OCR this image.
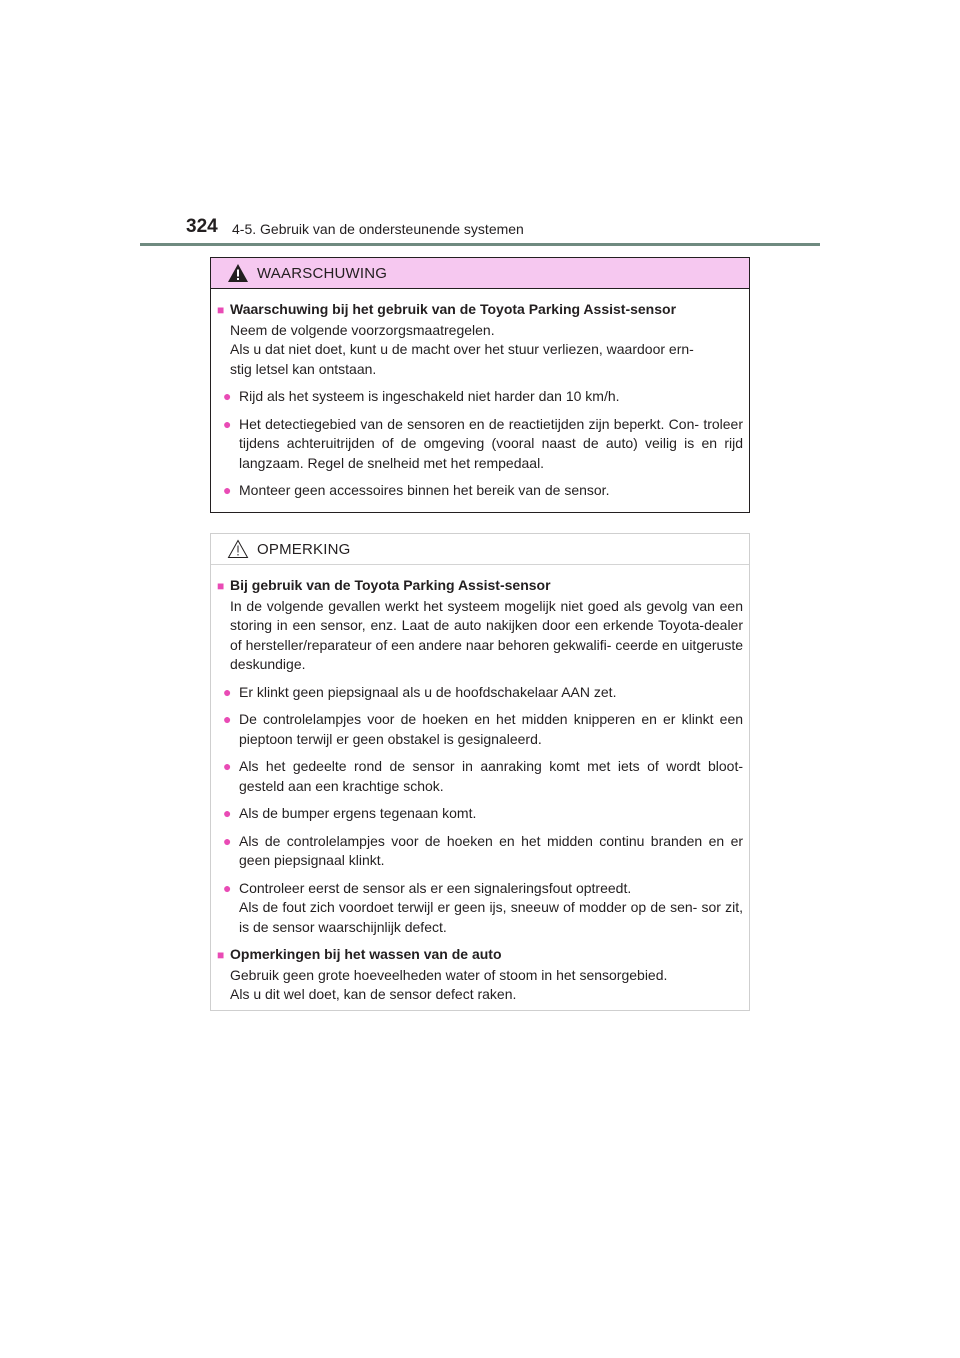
324 4-5. Gebruik van de ondersteunende systemen
WAARSCHUWING
■ Waarschuwing bij het gebruik van de Toyota Parking Assist-sensor

Neem de volgende voorzorgsmaatregelen.
Als u dat niet doet, kunt u de macht over het stuur verliezen, waardoor ern-
stig letsel kan ontstaan.

● Rijd als het systeem is ingeschakeld niet harder dan 10 km/h.
● Het detectiegebied van de sensoren en de reactietijden zijn beperkt. Con- troleer tijdens achteruitrijden of de omgeving (vooral naast de auto) veilig is en rijd langzaam. Regel de snelheid met het rempedaal.
● Monteer geen accessoires binnen het bereik van de sensor.
OPMERKING
■ Bij gebruik van de Toyota Parking Assist-sensor

In de volgende gevallen werkt het systeem mogelijk niet goed als gevolg van een storing in een sensor, enz. Laat de auto nakijken door een erkende Toyota-dealer of hersteller/reparateur of een andere naar behoren gekwalifi- ceerde en uitgeruste deskundige.

● Er klinkt geen piepsignaal als u de hoofdschakelaar AAN zet.
● De controlelampjes voor de hoeken en het midden knipperen en er klinkt een pieptoon terwijl er geen obstakel is gesignaleerd.
● Als het gedeelte rond de sensor in aanraking komt met iets of wordt bloot- gesteld aan een krachtige schok.
● Als de bumper ergens tegenaan komt.
● Als de controlelampjes voor de hoeken en het midden continu branden en er geen piepsignaal klinkt.
● Controleer eerst de sensor als er een signaleringsfout optreedt.
Als de fout zich voordoet terwijl er geen ijs, sneeuw of modder op de sen- sor zit, is de sensor waarschijnlijk defect.
■ Opmerkingen bij het wassen van de auto

Gebruik geen grote hoeveelheden water of stoom in het sensorgebied.
Als u dit wel doet, kan de sensor defect raken.
